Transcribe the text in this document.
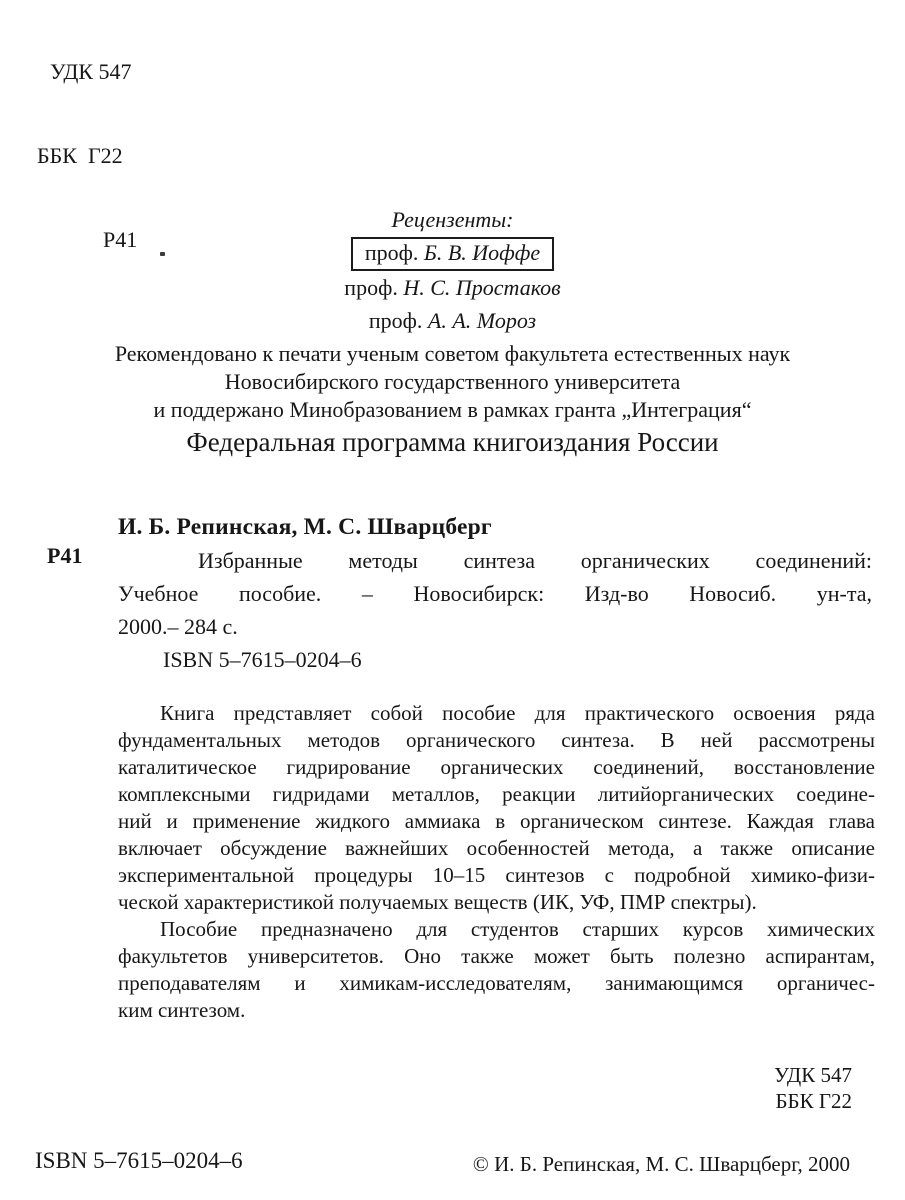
УДК 547

ББК  Г22

Р41

Рецензенты:
проф. Б. В. Иоффе
проф. Н. С. Простаков
проф. А. А. Мороз
Рекомендовано к печати ученым советом факультета естественных наук
Новосибирского государственного университета
и поддержано Минобразованием в рамках гранта „Интеграция“
Федеральная программа книгоиздания России
Р41
И. Б. Репинская, М. С. Шварцберг
Избранные методы синтеза органических соединений:
Учебное пособие. – Новосибирск: Изд-во Новосиб. ун-та,
2000.– 284 с.
ISBN 5–7615–0204–6
Книга представляет собой пособие для практического освоения ряда
фундаментальных методов органического синтеза. В ней рассмотрены
каталитическое гидрирование органических соединений, восстановление
комплексными гидридами металлов, реакции литийорганических соедине-
ний и применение жидкого аммиака в органическом синтезе. Каждая глава
включает обсуждение важнейших особенностей метода, а также описание
экспериментальной процедуры 10–15 синтезов с подробной химико-физи-
ческой характеристикой получаемых веществ (ИК, УФ, ПМР спектры).
Пособие предназначено для студентов старших курсов химических
факультетов университетов. Оно также может быть полезно аспирантам,
преподавателям и химикам-исследователям, занимающимся органичес-
ким синтезом.
УДК 547
ББК Г22
ISBN 5–7615–0204–6	© И. Б. Репинская, М. С. Шварцберг, 2000
